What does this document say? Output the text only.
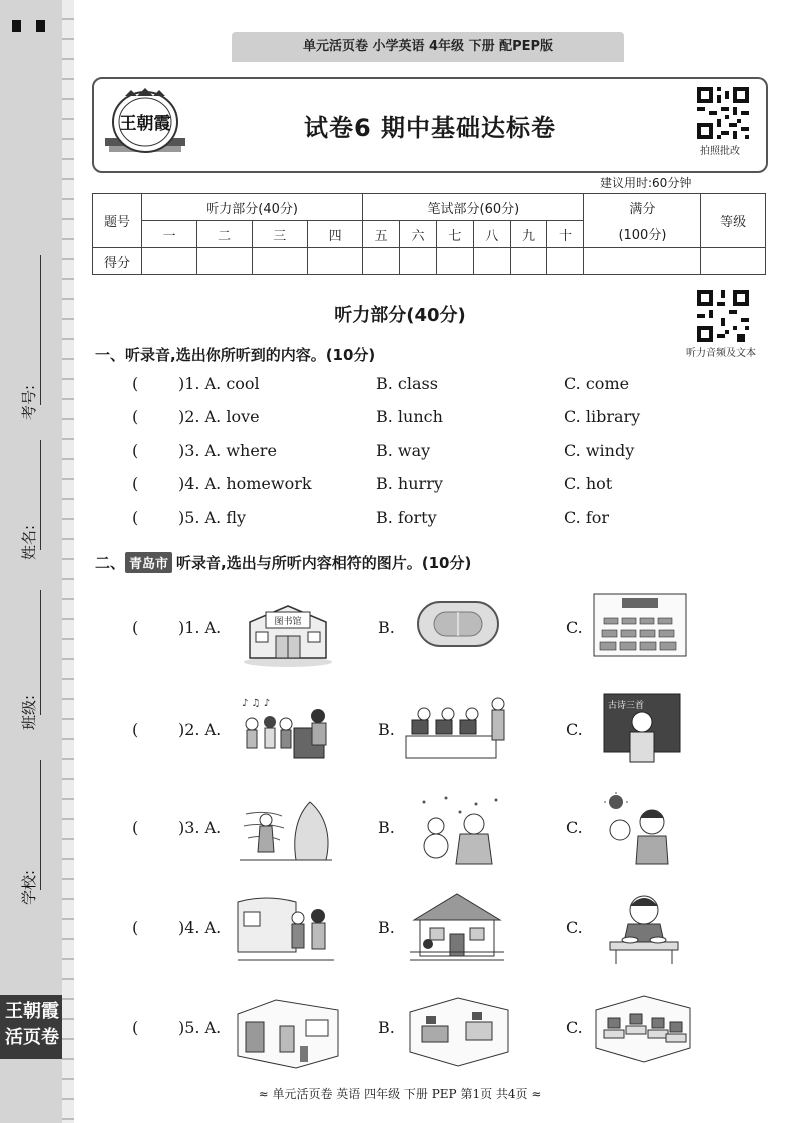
考号:
姓名:
班级:
学校:
王朝霞
活页卷
单元活页卷 小学英语 4年级 下册 配PEP版
王朝霞	试卷6 期中基础达标卷
拍照批改
建议用时:60分钟
题号	听力部分(40分)				笔试部分(60分)						满分	等级
	一	二	三	四	五	六	七	八	九	十	(100分)	
得分												
听力部分(40分)
听力音频及文本
一、听录音,选出你所听到的内容。(10分)
( )1. A. cool	B. class	C. come
( )2. A. love	B. lunch	C. library
( )3. A. where	B. way	C. windy
( )4. A. homework	B. hurry	C. hot
( )5. A. fly	B. forty	C. for
二、 青岛市 听录音,选出与所听内容相符的图片。(10分)
( )1. A.	图书馆	B.	C.
( )2. A.
♪ ♫ ♪
B.	C.
古诗三首
( )3. A.	B.	C.
( )4. A.	B.	C.
( )5. A.	B.	C.
≈ 单元活页卷 英语 四年级 下册 PEP 第1页 共4页 ≈
